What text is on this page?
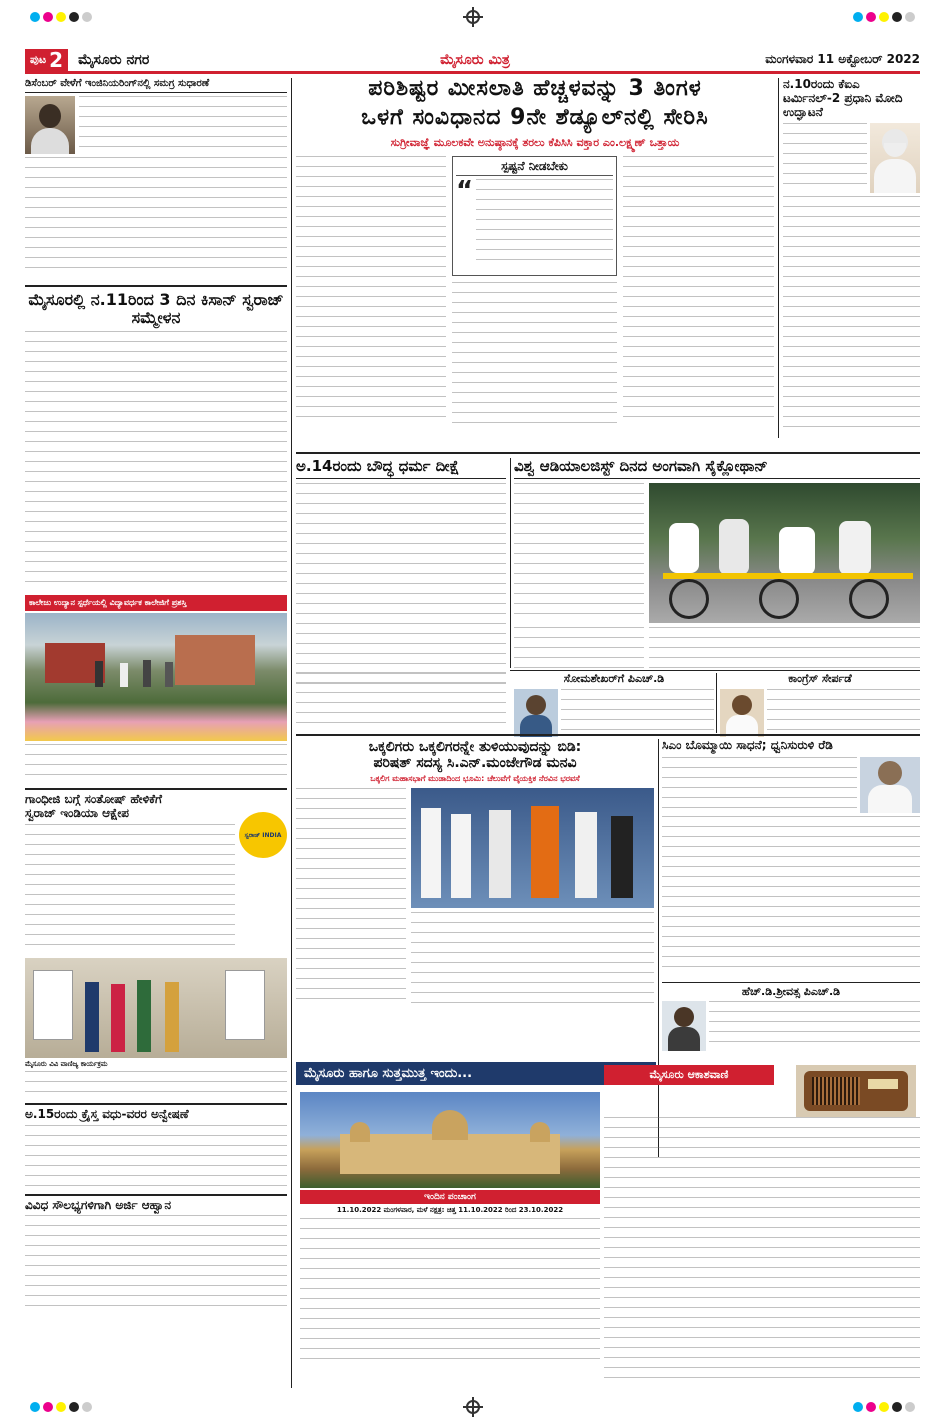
ಪುಟ 2 ಮೈಸೂರು ನಗರ	ಮೈಸೂರು ಮಿತ್ರ	ಮಂಗಳವಾರ 11 ಅಕ್ಟೋಬರ್ 2022
ಡಿಸೆಂಬರ್ ವೇಳೆಗೆ ಇಂಜಿನಿಯರಿಂಗ್‌ನಲ್ಲಿ ಸಮಗ್ರ ಸುಧಾರಣೆ
ಮೈಸೂರಲ್ಲಿ ನ.11ರಿಂದ 3 ದಿನ ಕಿಸಾನ್ ಸ್ವರಾಜ್ ಸಮ್ಮೇಳನ
ಕಾಲೇಜು ಉದ್ಯಾನ ಸ್ಪರ್ಧೆಯಲ್ಲಿ ವಿದ್ಯಾವರ್ಧಕ ಕಾಲೇಜಿಗೆ ಪ್ರಶಸ್ತಿ
ಗಾಂಧೀಜಿ ಬಗ್ಗೆ ಸಂತೋಷ್ ಹೇಳಿಕೆಗೆ
ಸ್ವರಾಜ್ ಇಂಡಿಯಾ ಆಕ್ಷೇಪ
ಸ್ವರಾಜ್ INDIA
ಮೈಸೂರು ವಿವಿ ವಾಣಿಜ್ಯ ಕಾರ್ಯಕ್ರಮ
ಅ.15ರಂದು ಕ್ರೈಸ್ತ ವಧು-ವರರ ಅನ್ವೇಷಣೆ
ವಿವಿಧ ಸೌಲಭ್ಯಗಳಿಗಾಗಿ ಅರ್ಜಿ ಆಹ್ವಾನ
ಪರಿಶಿಷ್ಟರ ಮೀಸಲಾತಿ ಹೆಚ್ಚಳವನ್ನು 3 ತಿಂಗಳ
ಒಳಗೆ ಸಂವಿಧಾನದ 9ನೇ ಶೆಡ್ಯೂಲ್‌ನಲ್ಲಿ ಸೇರಿಸಿ
ಸುಗ್ರೀವಾಜ್ಞೆ ಮೂಲಕವೇ ಅನುಷ್ಠಾನಕ್ಕೆ ತರಲು ಕೆಪಿಸಿಸಿ ವಕ್ತಾರ ಎಂ.ಲಕ್ಷ್ಮಣ್ ಒತ್ತಾಯ
ಸ್ಪಷ್ಟನೆ ನೀಡಬೇಕು
“
ನ.10ರಂದು ಕೆಐಎ ಟರ್ಮಿನಲ್-2 ಪ್ರಧಾನಿ ಮೋದಿ ಉದ್ಘಾಟನೆ
ಅ.14ರಂದು ಬೌದ್ಧ ಧರ್ಮ ದೀಕ್ಷೆ	ವಿಶ್ವ ಆಡಿಯಾಲಜಿಸ್ಟ್ ದಿನದ ಅಂಗವಾಗಿ ಸೈಕ್ಲೋಥಾನ್
ಸೋಮಶೇಖರ್‌ಗೆ ಪಿಎಚ್.ಡಿ	ಕಾಂಗ್ರೆಸ್ ಸೇರ್ಪಡೆ
ಒಕ್ಕಲಿಗರು ಒಕ್ಕಲಿಗರನ್ನೇ ತುಳಿಯುವುದನ್ನು ಬಿಡಿ:
ಪರಿಷತ್ ಸದಸ್ಯ ಸಿ.ಎನ್.ಮಂಜೇಗೌಡ ಮನವಿ
ಒಕ್ಕಲಿಗ ಮಹಾಸಭಾಗೆ ಮುಡಾದಿಂದ ಭೂಮಿ: ಚೆಲುವೆಗೆ ವೈಯಕ್ತಿಕ ನೆರವಿನ ಭರವಸೆ
ಸಿಎಂ ಬೊಮ್ಮಾಯಿ ಸಾಧನೆ; ಧ್ವನಿಸುರುಳಿ ರೆಡಿ
ಹೆಚ್.ಡಿ.ಶ್ರೀವತ್ಸ ಪಿಎಚ್.ಡಿ
ಮೈಸೂರು ಹಾಗೂ ಸುತ್ತಮುತ್ತ ಇಂದು...
ಇಂದಿನ ಪಂಚಾಂಗ
11.10.2022 ಮಂಗಳವಾರ, ಮಳೆ ನಕ್ಷತ್ರ: ಚಿತ್ತ 11.10.2022 ರಿಂದ 23.10.2022
ಮೈಸೂರು ಆಕಾಶವಾಣಿ
